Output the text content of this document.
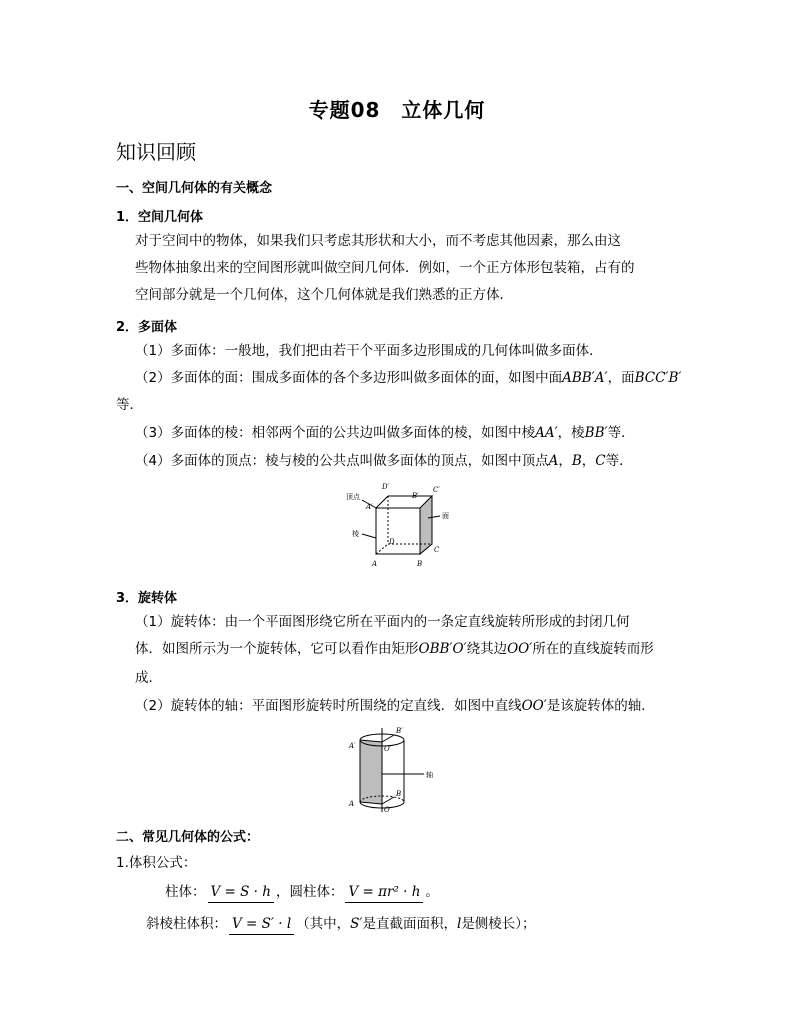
专题08　立体几何
知识回顾
一、空间几何体的有关概念
1．空间几何体
对于空间中的物体，如果我们只考虑其形状和大小，而不考虑其他因素，那么由这
些物体抽象出来的空间图形就叫做空间几何体．例如，一个正方体形包装箱，占有的
空间部分就是一个几何体，这个几何体就是我们熟悉的正方体．
2．多面体
（1）多面体：一般地，我们把由若干个平面多边形围成的几何体叫做多面体．
（2）多面体的面：围成多面体的各个多边形叫做多面体的面，如图中面ABB′A′，面BCC′B′
等．
（3）多面体的棱：相邻两个面的公共边叫做多面体的棱，如图中棱AA′，棱BB′等．
（4）多面体的顶点：棱与棱的公共点叫做多面体的顶点，如图中顶点A，B，C等．
顶点
棱
面
D′
B′
C′
A′
D
C
A	B
3．旋转体
（1）旋转体：由一个平面图形绕它所在平面内的一条定直线旋转所形成的封闭几何
体．如图所示为一个旋转体，它可以看作由矩形OBB′O′绕其边OO′所在的直线旋转而形
成．
（2）旋转体的轴：平面图形旋转时所围绕的定直线．如图中直线OO′是该旋转体的轴．
轴
A′
B′
O′
A
B
O
二、常见几何体的公式：
1.体积公式：
柱体： V = S · h ，圆柱体： V = πr² · h 。
斜棱柱体积： V = S′ · l （其中，S′是直截面面积，l是侧棱长）；
